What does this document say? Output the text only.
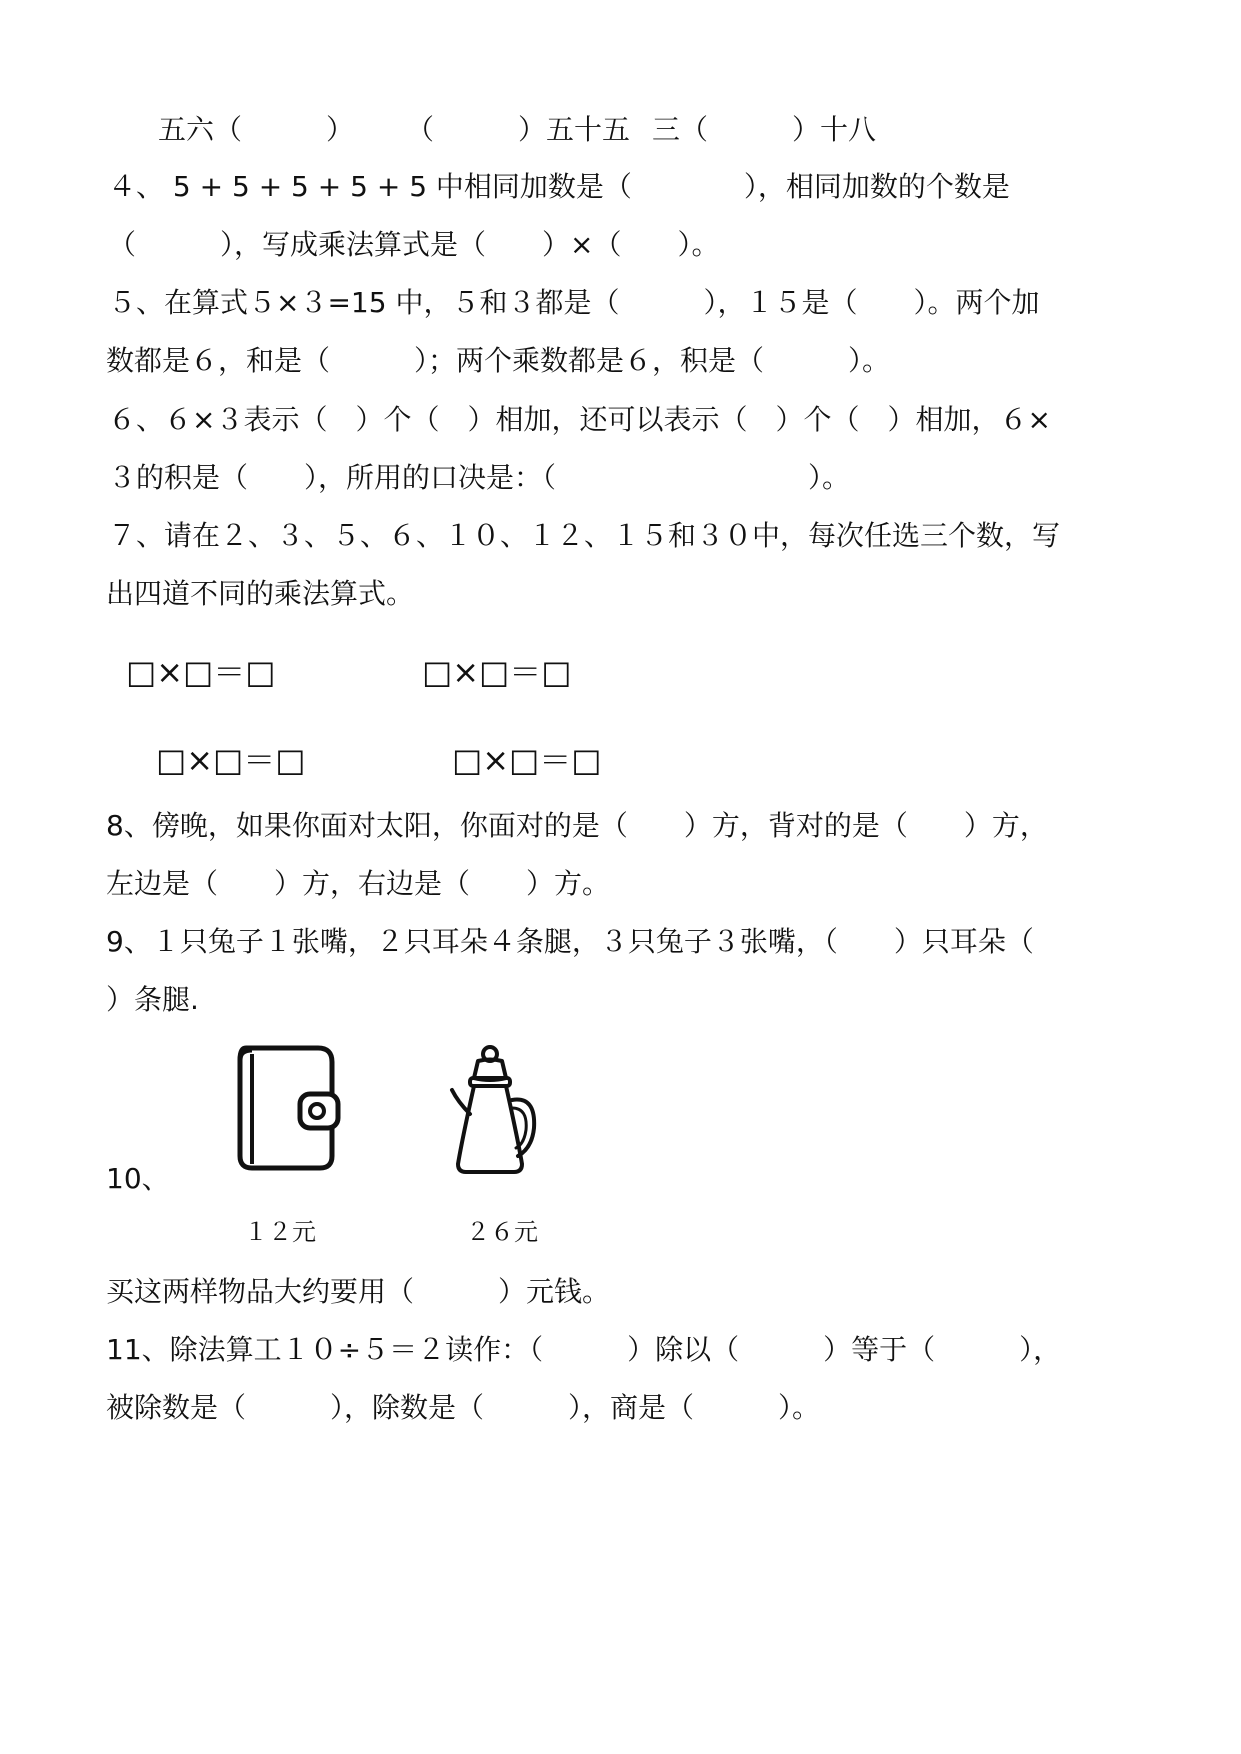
五六（　　　） （　　　）五十五 三（　　　）十八
４、 5 + 5 + 5 + 5 + 5 中相同加数是（　　　　），相同加数的个数是
（　　　），写成乘法算式是（　　）×（　　）。
５、在算式５×３=15 中，５和３都是（　　　），１５是（　　）。两个加
数都是６，和是（　　　）；两个乘数都是６，积是（　　　）。
６、６×３表示（　）个（　）相加，还可以表示（　）个（　）相加，６×
３的积是（　　），所用的口决是：（　　　　　　　　　）。
７、请在２、３、５、６、１０、１２、１５和３０中，每次任选三个数，写
出四道不同的乘法算式。
□×□＝□	□×□＝□
□×□＝□	□×□＝□
8、傍晚，如果你面对太阳，你面对的是（　　）方，背对的是（　　）方，
左边是（　　）方，右边是（　　）方。
9、１只兔子１张嘴，２只耳朵４条腿，３只兔子３张嘴，（　　）只耳朵（
）条腿.
10、
１２元	２６元
买这两样物品大约要用（　　　）元钱。
11、除法算工１０÷５＝２读作：（　　　）除以（　　　）等于（　　　），
被除数是（　　　），除数是（　　　），商是（　　　）。
